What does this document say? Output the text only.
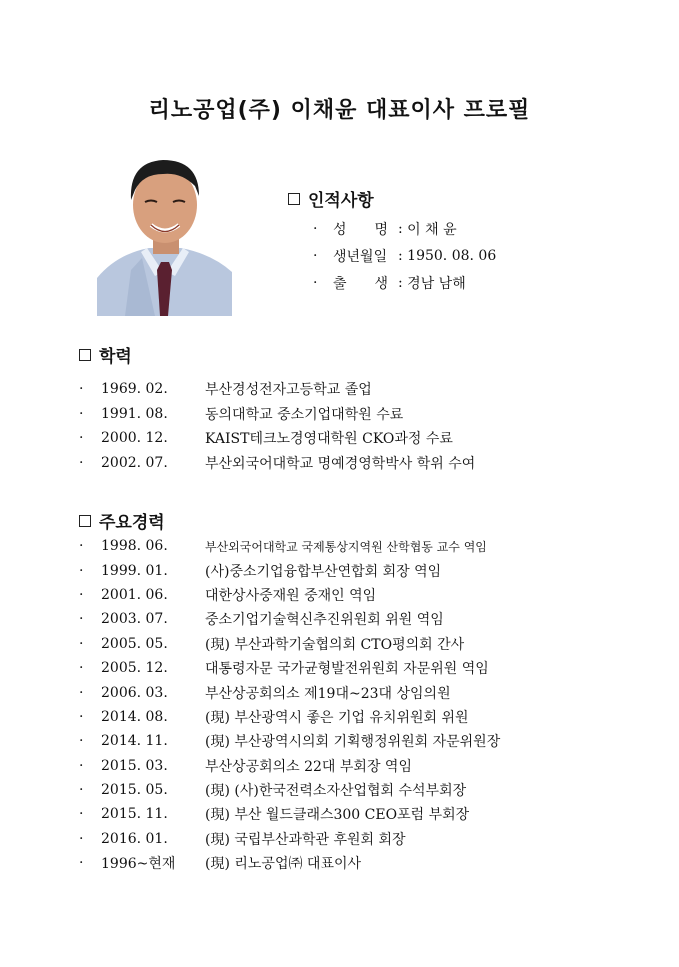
리노공업(주) 이채윤 대표이사 프로필
인적사항
·	성　　명 : 이 채 윤
·	생년월일 : 1950. 08. 06
·	출　　생 : 경남 남해
학력
·	1969. 02.	부산경성전자고등학교 졸업
·	1991. 08.	동의대학교 중소기업대학원 수료
·	2000. 12.	KAIST테크노경영대학원 CKO과정 수료
·	2002. 07.	부산외국어대학교 명예경영학박사 학위 수여
주요경력
·	1998. 06.	부산외국어대학교 국제통상지역원 산학협동 교수 역임
·	1999. 01.	(사)중소기업융합부산연합회 회장 역임
·	2001. 06.	대한상사중재원 중재인 역임
·	2003. 07.	중소기업기술혁신추진위원회 위원 역임
·	2005. 05.	(現) 부산과학기술협의회 CTO평의회 간사
·	2005. 12.	대통령자문 국가균형발전위원회 자문위원 역임
·	2006. 03.	부산상공회의소 제19대~23대 상임의원
·	2014. 08.	(現) 부산광역시 좋은 기업 유치위원회 위원
·	2014. 11.	(現) 부산광역시의회 기획행정위원회 자문위원장
·	2015. 03.	부산상공회의소 22대 부회장 역임
·	2015. 05.	(現) (사)한국전력소자산업협회 수석부회장
·	2015. 11.	(現) 부산 월드클래스300 CEO포럼 부회장
·	2016. 01.	(現) 국립부산과학관 후원회 회장
·	1996~현재	(現) 리노공업㈜ 대표이사
